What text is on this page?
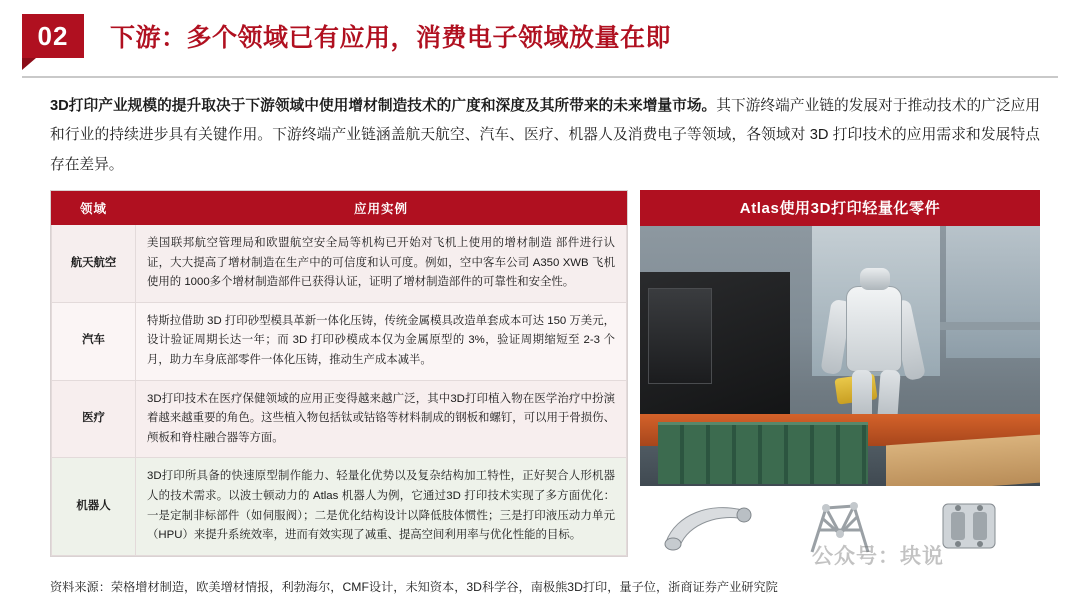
02	下游：多个领域已有应用，消费电子领域放量在即
3D打印产业规模的提升取决于下游领域中使用增材制造技术的广度和深度及其所带来的未来增量市场。其下游终端产业链的发展对于推动技术的广泛应用和行业的持续进步具有关键作用。下游终端产业链涵盖航天航空、汽车、医疗、机器人及消费电子等领域，各领域对 3D 打印技术的应用需求和发展特点存在差异。
领域	应用实例
航天航空	美国联邦航空管理局和欧盟航空安全局等机构已开始对飞机上使用的增材制造 部件进行认证，大大提高了增材制造在生产中的可信度和认可度。例如，空中客车公司 A350 XWB 飞机使用的 1000多个增材制造部件已获得认证，证明了增材制造部件的可靠性和安全性。
汽车	特斯拉借助 3D 打印砂型模具革新一体化压铸，传统金属模具改造单套成本可达 150 万美元，设计验证周期长达一年；而 3D 打印砂模成本仅为金属原型的 3%，验证周期缩短至 2-3 个月，助力车身底部零件一体化压铸，推动生产成本减半。
医疗	3D打印技术在医疗保健领域的应用正变得越来越广泛，其中3D打印植入物在医学治疗中扮演着越来越重要的角色。这些植入物包括钛或钴铬等材料制成的钢板和螺钉，可以用于骨损伤、颅板和脊柱融合器等方面。
机器人	3D打印所具备的快速原型制作能力、轻量化优势以及复杂结构加工特性，正好契合人形机器人的技术需求。以波士顿动力的 Atlas 机器人为例，它通过3D 打印技术实现了多方面优化：一是定制非标部件（如伺服阀）；二是优化结构设计以降低肢体惯性；三是打印液压动力单元（HPU）来提升系统效率，进而有效实现了减重、提高空间利用率与优化性能的目标。
Atlas使用3D打印轻量化零件
公众号：块说
资料来源：荣格增材制造，欧美增材情报，利勃海尔，CMF设计，未知资本，3D科学谷，南极熊3D打印，量子位，浙商证券产业研究院
